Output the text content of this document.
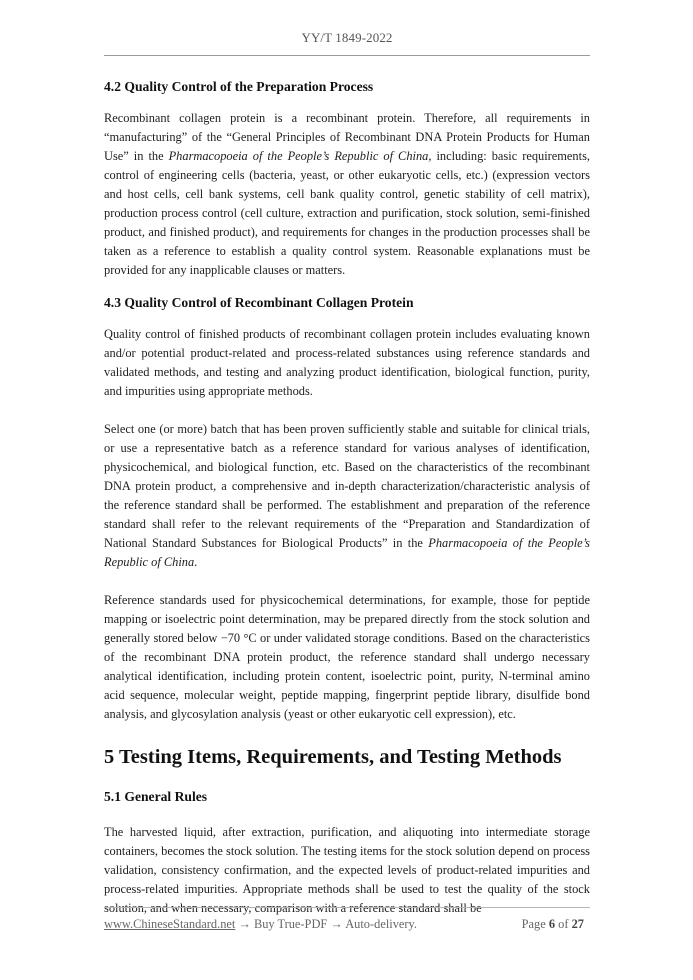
YY/T 1849-2022
4.2 Quality Control of the Preparation Process

Recombinant collagen protein is a recombinant protein. Therefore, all requirements in “manufacturing” of the “General Principles of Recombinant DNA Protein Products for Human Use” in the Pharmacopoeia of the People’s Republic of China, including: basic requirements, control of engineering cells (bacteria, yeast, or other eukaryotic cells, etc.) (expression vectors and host cells, cell bank systems, cell bank quality control, genetic stability of cell matrix), production process control (cell culture, extraction and purification, stock solution, semi-finished product, and finished product), and requirements for changes in the production processes shall be taken as a reference to establish a quality control system. Reasonable explanations must be provided for any inapplicable clauses or matters.

4.3 Quality Control of Recombinant Collagen Protein

Quality control of finished products of recombinant collagen protein includes evaluating known and/or potential product-related and process-related substances using reference standards and validated methods, and testing and analyzing product identification, biological function, purity, and impurities using appropriate methods.

Select one (or more) batch that has been proven sufficiently stable and suitable for clinical trials, or use a representative batch as a reference standard for various analyses of identification, physicochemical, and biological function, etc. Based on the characteristics of the recombinant DNA protein product, a comprehensive and in-depth characterization/characteristic analysis of the reference standard shall be performed. The establishment and preparation of the reference standard shall refer to the relevant requirements of the “Preparation and Standardization of National Standard Substances for Biological Products” in the Pharmacopoeia of the People’s Republic of China.

Reference standards used for physicochemical determinations, for example, those for peptide mapping or isoelectric point determination, may be prepared directly from the stock solution and generally stored below −70 °C or under validated storage conditions. Based on the characteristics of the recombinant DNA protein product, the reference standard shall undergo necessary analytical identification, including protein content, isoelectric point, purity, N-terminal amino acid sequence, molecular weight, peptide mapping, fingerprint peptide library, disulfide bond analysis, and glycosylation analysis (yeast or other eukaryotic cell expression), etc.

5 Testing Items, Requirements, and Testing Methods
5.1 General Rules

The harvested liquid, after extraction, purification, and aliquoting into intermediate storage containers, becomes the stock solution. The testing items for the stock solution depend on process validation, consistency confirmation, and the expected levels of product-related impurities and process-related impurities. Appropriate methods shall be used to test the quality of the stock solution, and when necessary, comparison with a reference standard shall be

www.ChineseStandard.net → Buy True-PDF → Auto-delivery.	Page 6 of 27
